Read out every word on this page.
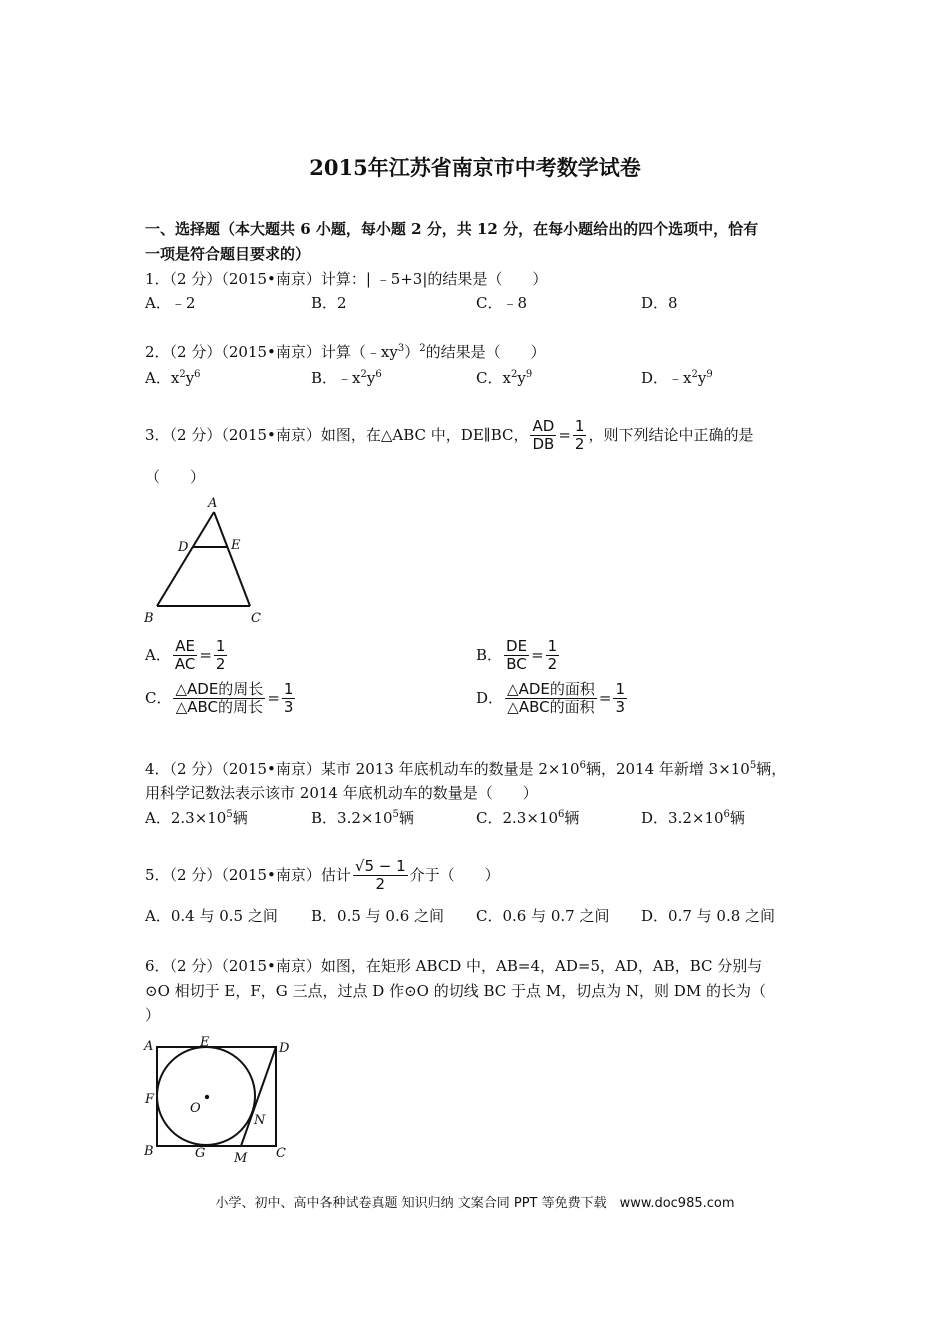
2015年江苏省南京市中考数学试卷
一、选择题（本大题共 6 小题，每小题 2 分，共 12 分，在每小题给出的四个选项中，恰有
一项是符合题目要求的）
1．（2 分）（2015•南京）计算：| ﹣5+3|的结果是（　　）
A．﹣2	B．2	C．﹣8	D．8
2．（2 分）（2015•南京）计算$(﹣xy^3)^2$的结果是（　　）
A．$x^2y^6$	B．$﹣x^2y^6$	C．$x^2y^9$	D．$﹣x^2y^9$
3．（2 分）（2015•南京）如图，在△ABC 中，DE∥BC， $\frac{AD}{DB} = \frac{1}{2}$ ，则下列结论中正确的是
（　　）
A
D	E
B	C
A． $\frac{AE}{AC} = \frac{1}{2}$	B． $\frac{DE}{BC} = \frac{1}{2}$
C． $\frac{\text{△ADE的周长}}{\text{△ABC的周长}} = \frac{1}{3}$	D． $\frac{\text{△ADE的面积}}{\text{△ABC的面积}} = \frac{1}{3}$
4．（2 分）（2015•南京）某市 2013 年底机动车的数量是 $2\times 10^6$辆，2014 年新增 $3\times 10^5$辆，
用科学记数法表示该市 2014 年底机动车的数量是（　　）
A．$2.3\times 10^5$辆	B．$3.2\times 10^5$辆	C．$2.3\times 10^6$辆	D．$3.2\times 10^6$辆
5．（2 分）（2015•南京）估计 $\frac{√5 - 1}{2}$ 介于（　　）
A．0.4 与 0.5 之间 B．0.5 与 0.6 之间 C．0.6 与 0.7 之间 D．0.7 与 0.8 之间
6．（2 分）（2015•南京）如图，在矩形 ABCD 中，AB=4，AD=5，AD，AB，BC 分别与
⊙O 相切于 E，F，G 三点，过点 D 作⊙O 的切线 BC 于点 M，切点为 N，则 DM 的长为（
）
A	E	D
F
O
N
B	G M C
小学、初中、高中各种试卷真题 知识归纳 文案合同 PPT 等免费下载　www.doc985.com
